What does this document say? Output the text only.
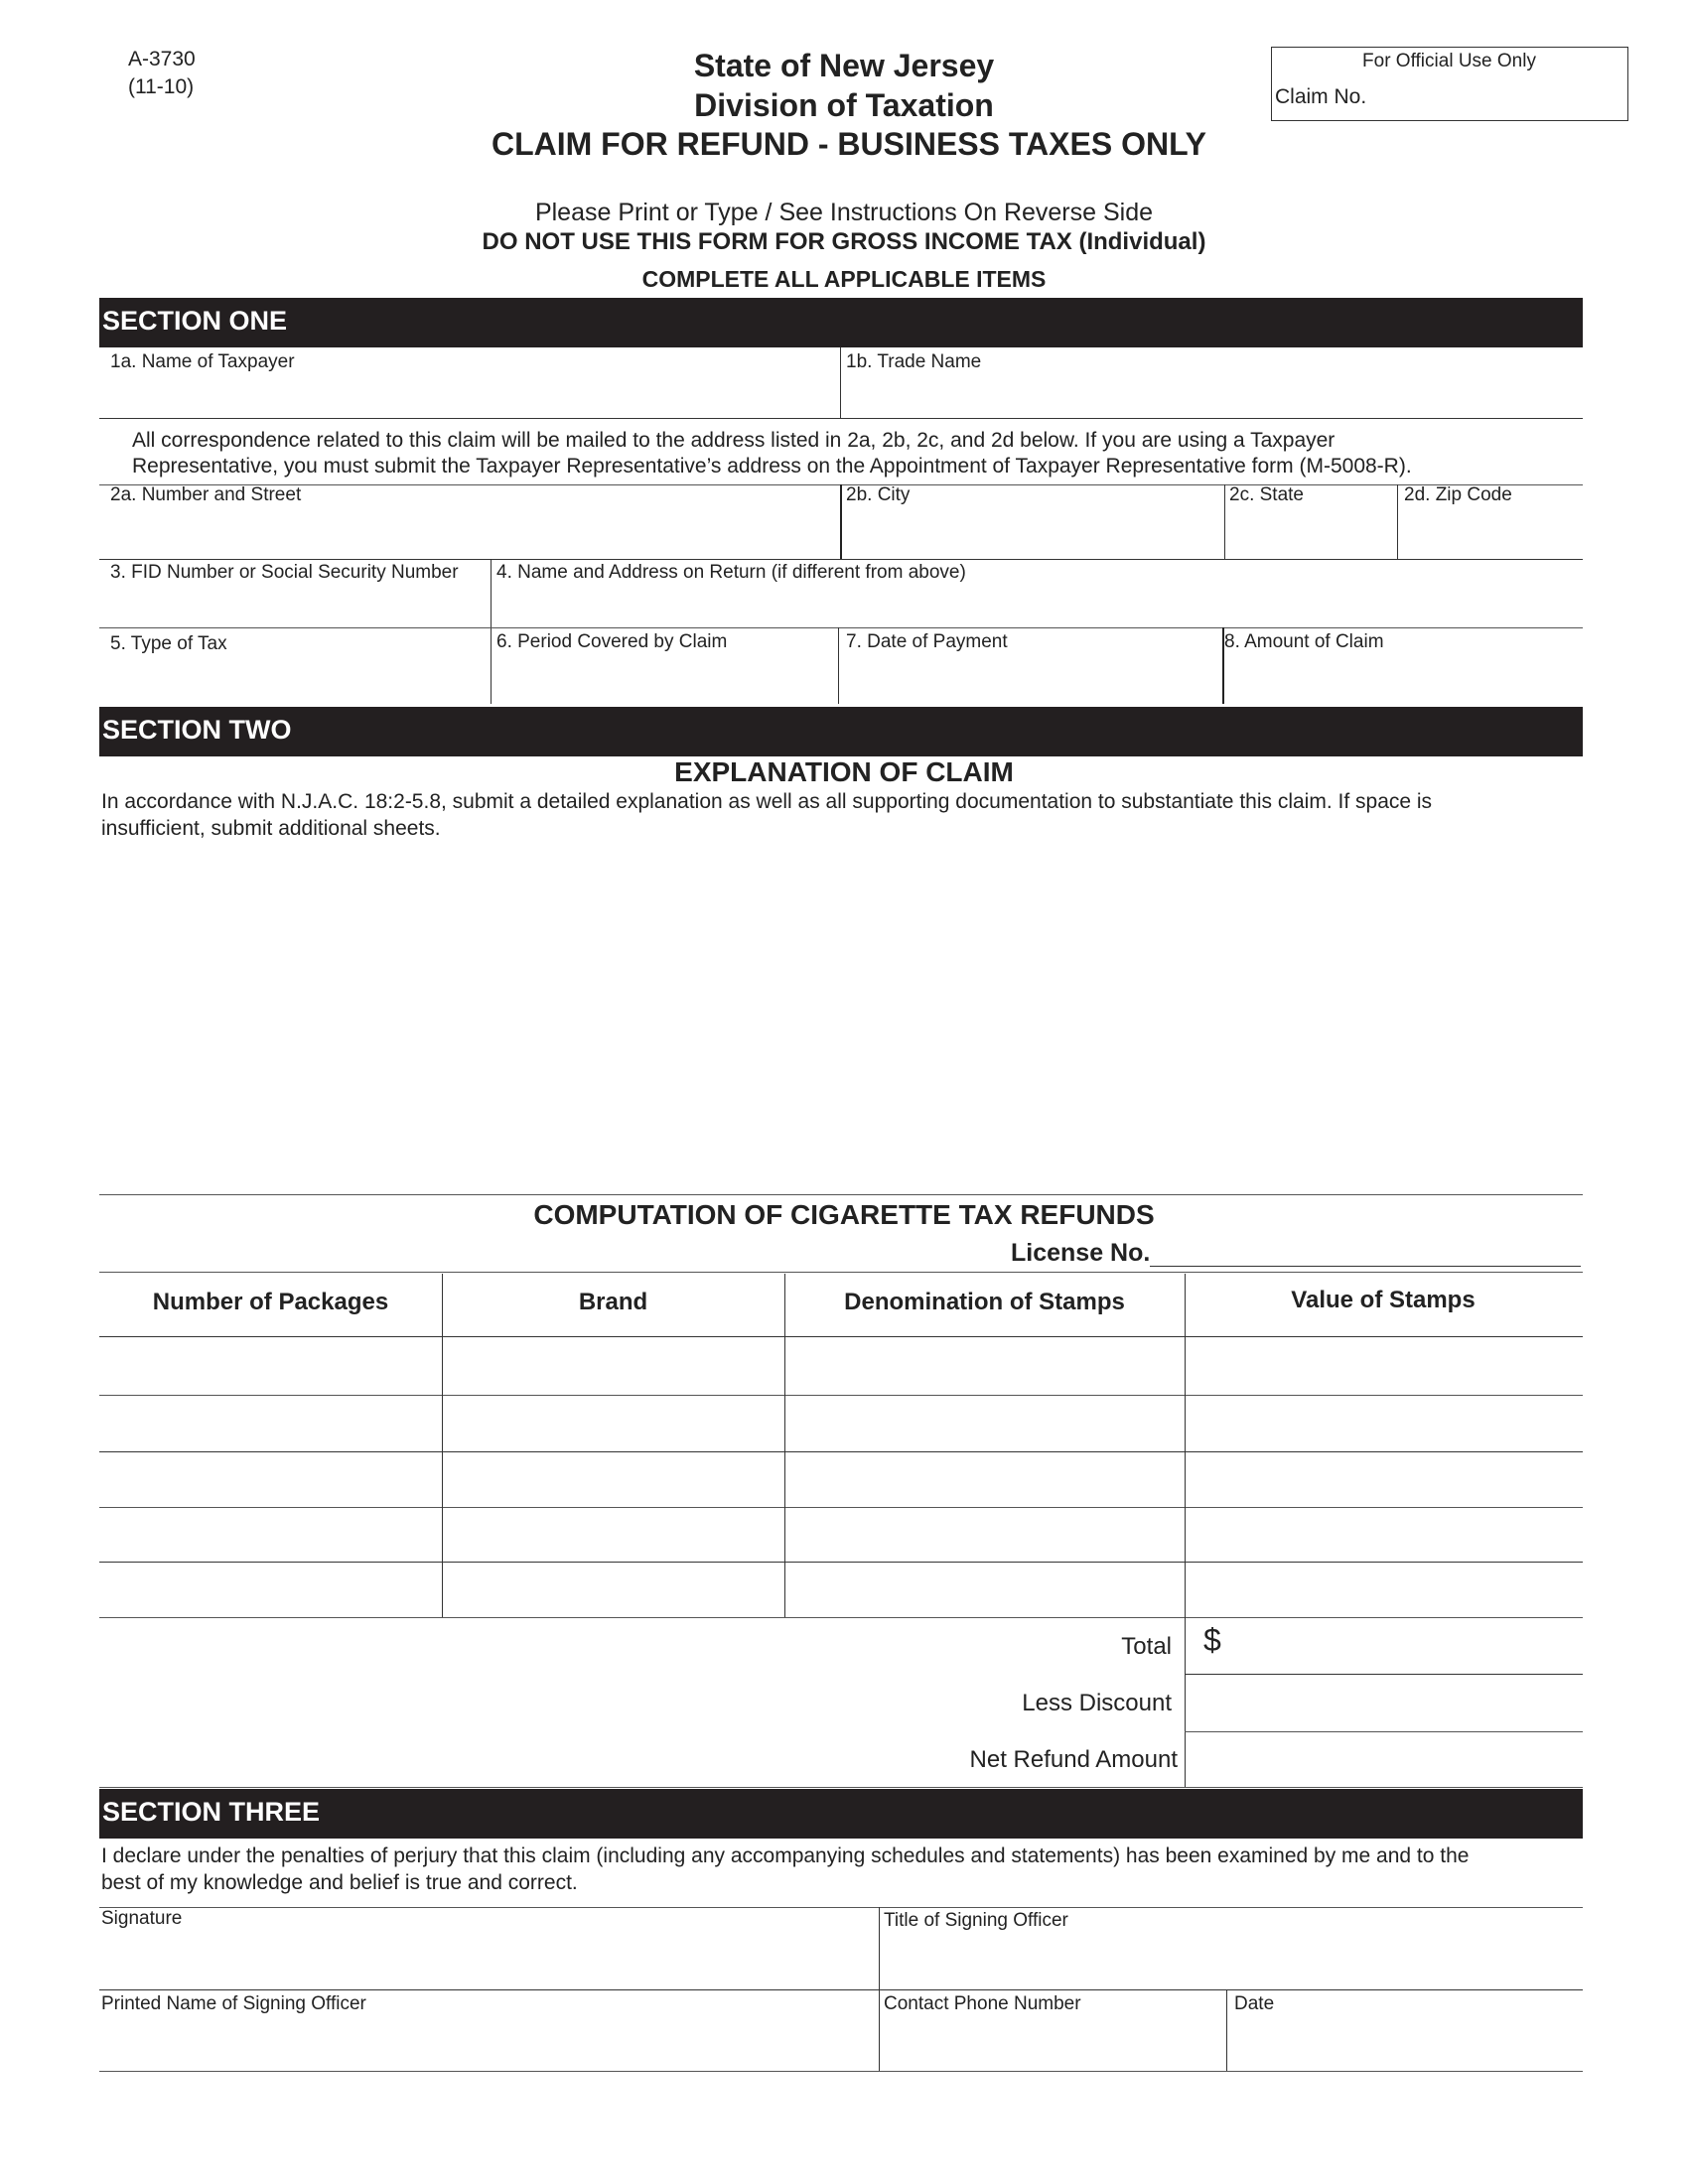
A-3730
(11-10)
State of New Jersey
Division of Taxation
CLAIM FOR REFUND - BUSINESS TAXES ONLY
For Official Use Only
Claim No.
Please Print or Type / See Instructions On Reverse Side
DO NOT USE THIS FORM FOR GROSS INCOME TAX (Individual)
COMPLETE ALL APPLICABLE ITEMS
SECTION ONE
1a. Name of Taxpayer	1b. Trade Name
All correspondence related to this claim will be mailed to the address listed in 2a, 2b, 2c, and 2d below. If you are using a Taxpayer
Representative, you must submit the Taxpayer Representative’s address on the Appointment of Taxpayer Representative form (M-5008-R).
2a. Number and Street	2b. City	2c. State	2d. Zip Code
3. FID Number or Social Security Number 4. Name and Address on Return (if different from above)
5. Type of Tax	6. Period Covered by Claim	7. Date of Payment	8. Amount of Claim
SECTION TWO
EXPLANATION OF CLAIM
In accordance with N.J.A.C. 18:2-5.8, submit a detailed explanation as well as all supporting documentation to substantiate this claim. If space is
insufficient, submit additional sheets.
COMPUTATION OF CIGARETTE TAX REFUNDS
License No.
Number of Packages	Brand	Denomination of Stamps	Value of Stamps
Total $
Less Discount
Net Refund Amount
SECTION THREE
I declare under the penalties of perjury that this claim (including any accompanying schedules and statements) has been examined by me and to the
best of my knowledge and belief is true and correct.
Signature	Title of Signing Officer
Printed Name of Signing Officer	Contact Phone Number	Date
